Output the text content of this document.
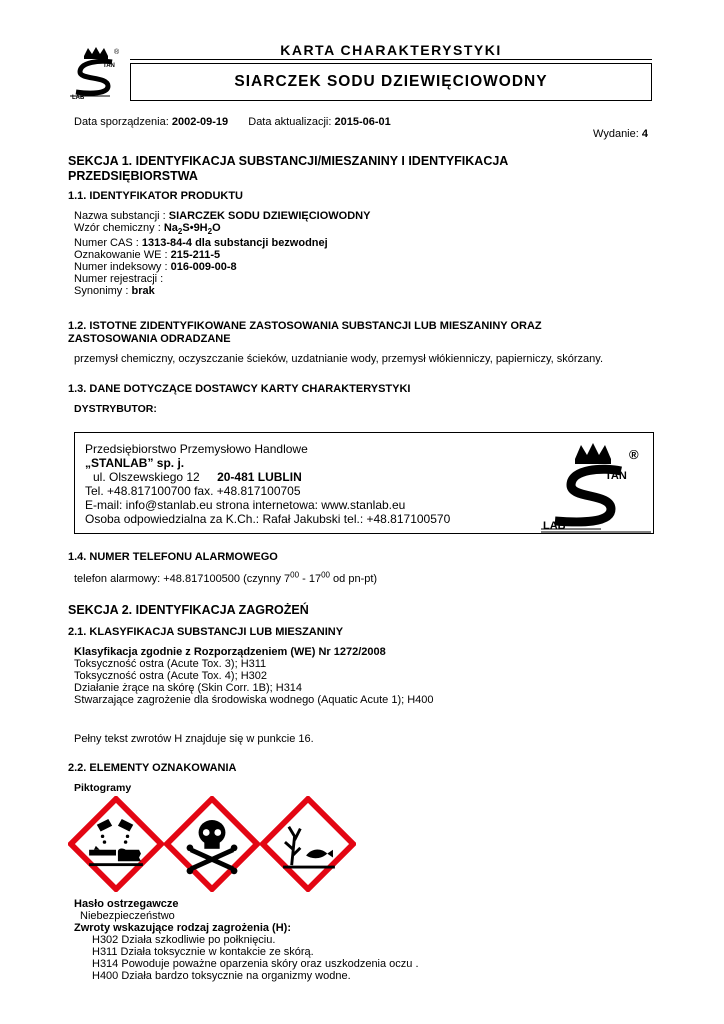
TAN
LAB
®	KARTA CHARAKTERYSTYKI
SIARCZEK SODU DZIEWIĘCIOWODNY
Data sporządzenia: 2002-09-19 Data aktualizacji: 2015-06-01
Wydanie: 4
SEKCJA 1. IDENTYFIKACJA SUBSTANCJI/MIESZANINY I IDENTYFIKACJA
PRZEDSIĘBIORSTWA
1.1. IDENTYFIKATOR PRODUKTU
Nazwa substancji : SIARCZEK SODU DZIEWIĘCIOWODNY
Wzór chemiczny : $Na_2S•9H_2O$
Numer CAS : 1313-84-4 dla substancji bezwodnej
Oznakowanie WE : 215-211-5
Numer indeksowy : 016-009-00-8
Numer rejestracji :
Synonimy : brak
1.2. ISTOTNE ZIDENTYFIKOWANE ZASTOSOWANIA SUBSTANCJI LUB MIESZANINY ORAZ
ZASTOSOWANIA ODRADZANE
przemysł chemiczny, oczyszczanie ścieków, uzdatnianie wody, przemysł włókienniczy, papierniczy, skórzany.
1.3. DANE DOTYCZĄCE DOSTAWCY KARTY CHARAKTERYSTYKI
DYSTRYBUTOR:
Przedsiębiorstwo Przemysłowo Handlowe
„STANLAB” sp. j.
ul. Olszewskiego 12 20-481 LUBLIN
Tel. +48.817100700 fax. +48.817100705
E-mail: info@stanlab.eu strona internetowa: www.stanlab.eu
Osoba odpowiedzialna za K.Ch.: Rafał Jakubski tel.: +48.817100570
TAN
LAB
®
1.4. NUMER TELEFONU ALARMOWEGO
telefon alarmowy: +48.817100500 (czynny $7^{00} - 17^{00}$ od pn-pt)
SEKCJA 2. IDENTYFIKACJA ZAGROŻEŃ
2.1. KLASYFIKACJA SUBSTANCJI LUB MIESZANINY
Klasyfikacja zgodnie z Rozporządzeniem (WE) Nr 1272/2008
Toksyczność ostra (Acute Tox. 3); H311
Toksyczność ostra (Acute Tox. 4); H302
Działanie żrące na skórę (Skin Corr. 1B); H314
Stwarzające zagrożenie dla środowiska wodnego (Aquatic Acute 1); H400
Pełny tekst zwrotów H znajduje się w punkcie 16.
2.2. ELEMENTY OZNAKOWANIA
Piktogramy
Hasło ostrzegawcze
Niebezpieczeństwo
Zwroty wskazujące rodzaj zagrożenia (H):
H302 Działa szkodliwie po połknięciu.
H311 Działa toksycznie w kontakcie ze skórą.
H314 Powoduje poważne oparzenia skóry oraz uszkodzenia oczu .
H400 Działa bardzo toksycznie na organizmy wodne.
